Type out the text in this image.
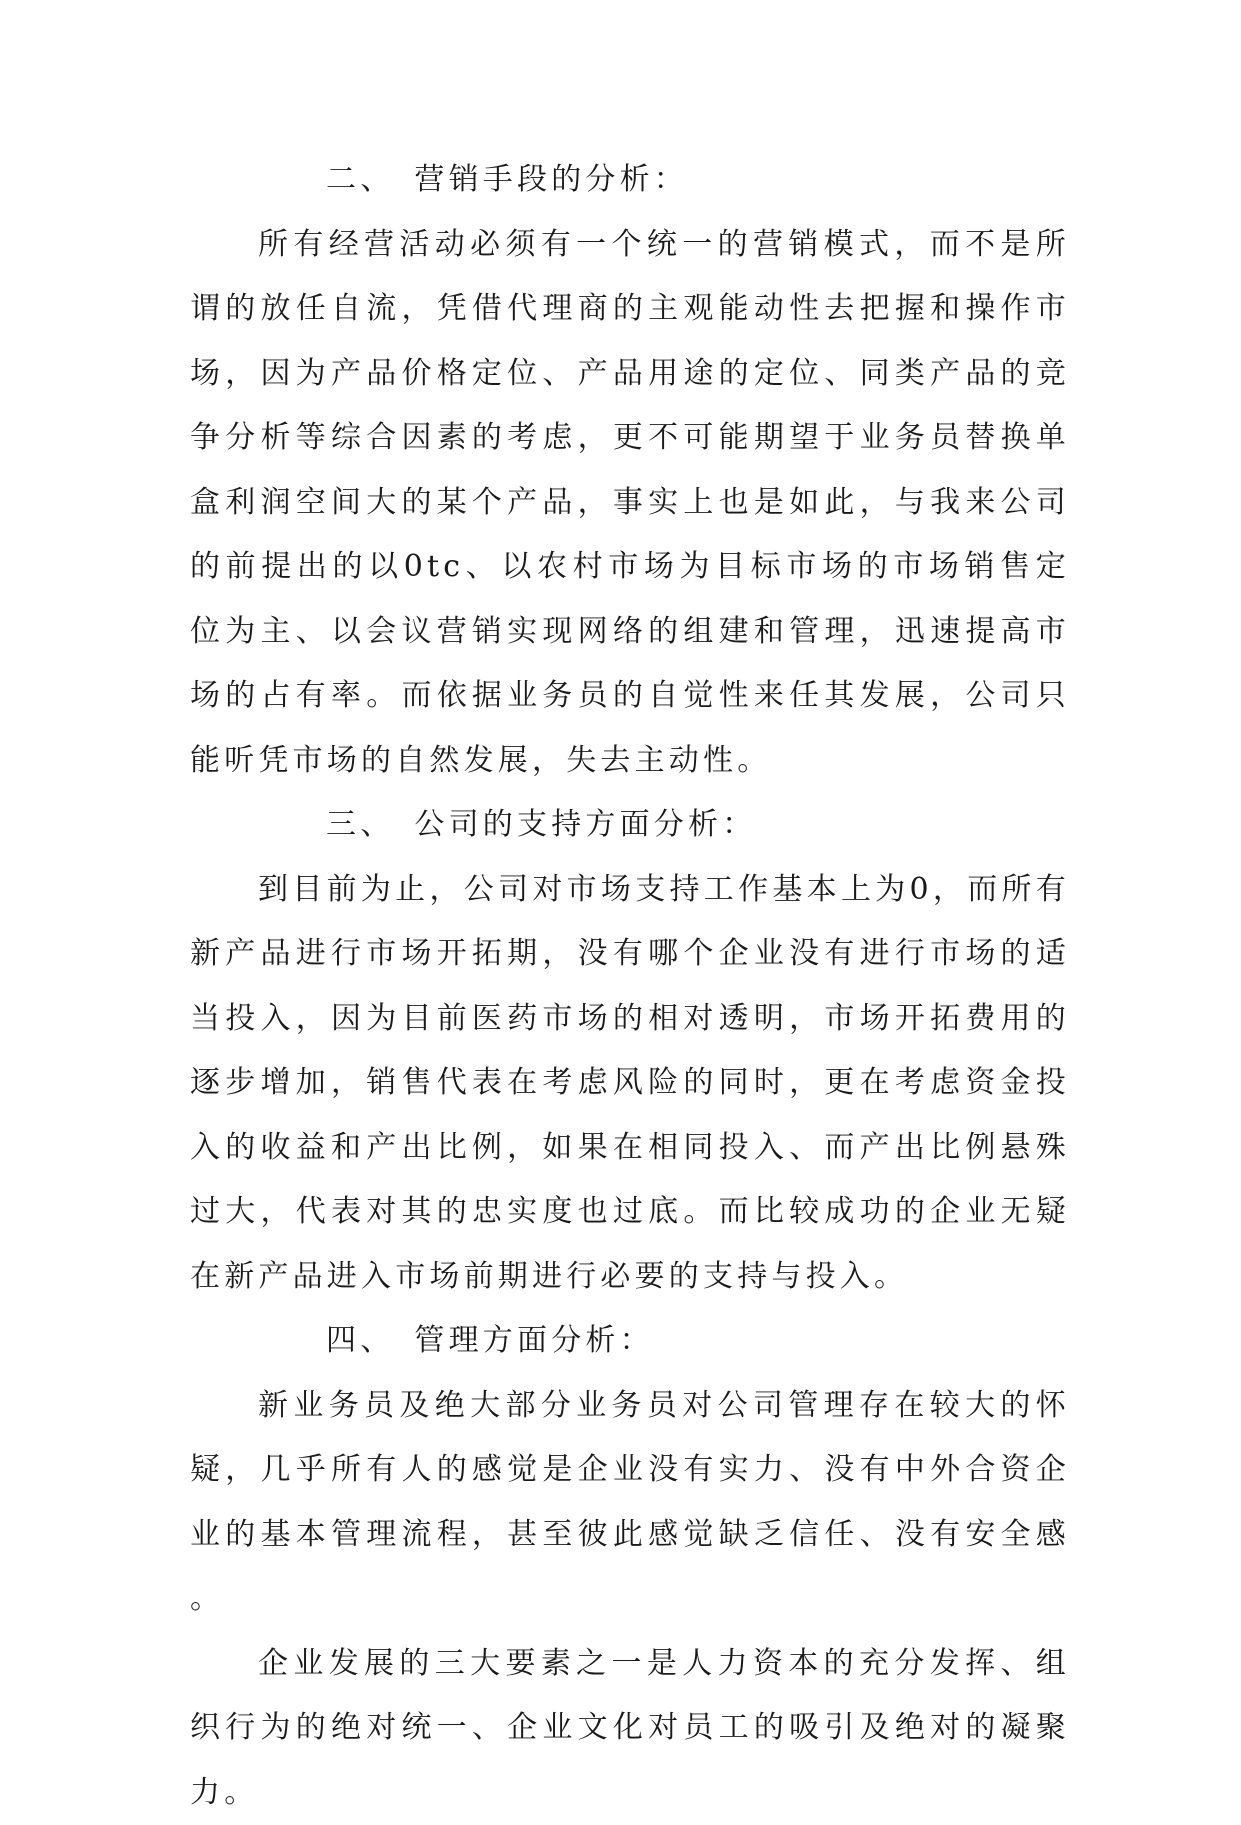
二、 营销手段的分析：

所有经营活动必须有一个统一的营销模式，而不是所谓的放任自流，凭借代理商的主观能动性去把握和操作市场，因为产品价格定位、产品用途的定位、同类产品的竞争分析等综合因素的考虑，更不可能期望于业务员替换单盒利润空间大的某个产品，事实上也是如此，与我来公司的前提出的以0tc、以农村市场为目标市场的市场销售定位为主、以会议营销实现网络的组建和管理，迅速提高市场的占有率。而依据业务员的自觉性来任其发展，公司只能听凭市场的自然发展，失去主动性。

三、 公司的支持方面分析：

到目前为止，公司对市场支持工作基本上为0，而所有新产品进行市场开拓期，没有哪个企业没有进行市场的适当投入，因为目前医药市场的相对透明，市场开拓费用的逐步增加，销售代表在考虑风险的同时，更在考虑资金投入的收益和产出比例，如果在相同投入、而产出比例悬殊过大，代表对其的忠实度也过底。而比较成功的企业无疑在新产品进入市场前期进行必要的支持与投入。

四、 管理方面分析：

新业务员及绝大部分业务员对公司管理存在较大的怀疑，几乎所有人的感觉是企业没有实力、没有中外合资企业的基本管理流程，甚至彼此感觉缺乏信任、没有安全感。

企业发展的三大要素之一是人力资本的充分发挥、组织行为的绝对统一、企业文化对员工的吸引及绝对的凝聚力。
